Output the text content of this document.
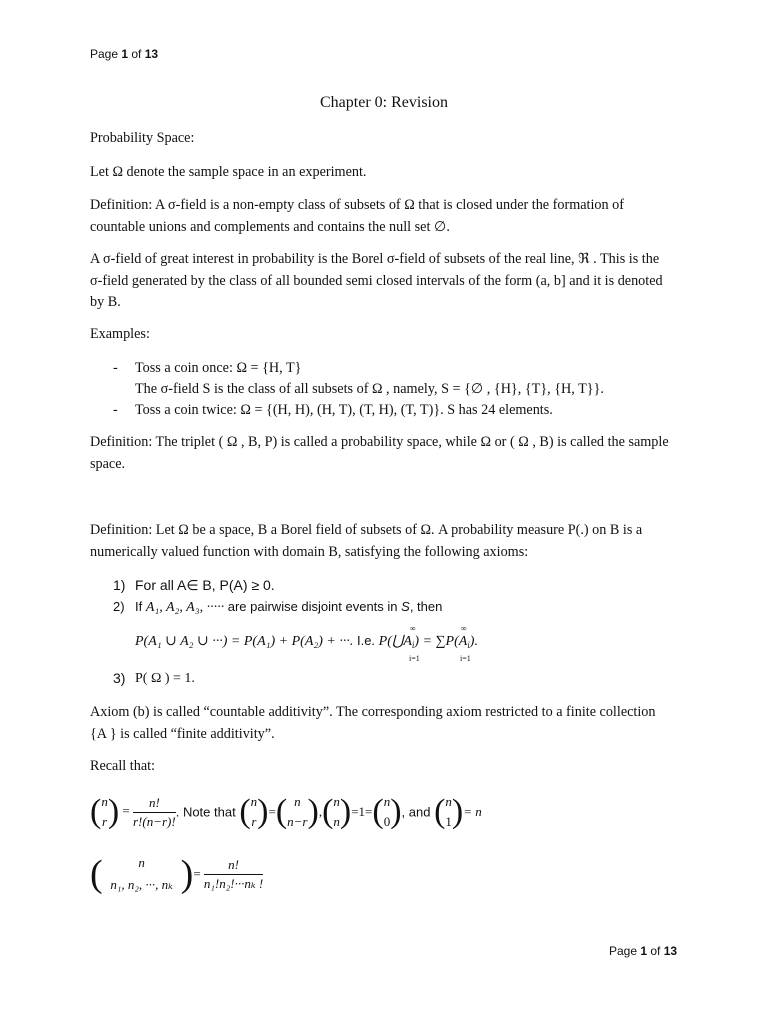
Page 1 of 13
Chapter 0: Revision
Probability Space:
Let Ω denote the sample space in an experiment.
Definition: A σ-field is a non-empty class of subsets of Ω that is closed under the formation of countable unions and complements and contains the null set ∅.
A σ-field of great interest in probability is the Borel σ-field of subsets of the real line, ℜ . This is the σ-field generated by the class of all bounded semi closed intervals of the form (a, b] and it is denoted by B.
Examples:
- Toss a coin once: Ω = {H, T}
The σ-field S is the class of all subsets of Ω , namely, S = {∅ , {H}, {T}, {H, T}}.
- Toss a coin twice: Ω = {(H, H), (H, T), (T, H), (T, T)}. S has 24 elements.
Definition: The triplet ( Ω , B, P) is called a probability space, while Ω or ( Ω , B) is called the sample space.
Definition: Let Ω be a space, B a Borel field of subsets of Ω. A probability measure P(.) on B is a numerically valued function with domain B, satisfying the following axioms:
1) For all A∈ B, P(A) ≥ 0.
2) If A₁, A₂, A₃, ····· are pairwise disjoint events in S, then
P(A₁ ∪ A₂ ∪ ···) = P(A₁) + P(A₂) + ···. I.e. $P(⋃A_i) = \sum P(A_i)$.
∞
i=1
∞
i=1
3) P( Ω ) = 1.
Axiom (b) is called “countable additivity”. The corresponding axiom restricted to a finite collection {A } is called “finite additivity”.
Recall that:
( n
r ) = $\frac{n!}{r!(n-r)!}$ . Note that ( n
r )=( n
n−r ),( n
n )=1=( n
0 ), and ( n
1 )= n
(	n
n₁, n₂, ···, nₖ )= $\frac{n!}{\text{n₁!n₂!···nₖ !}}$
Page 1 of 13
